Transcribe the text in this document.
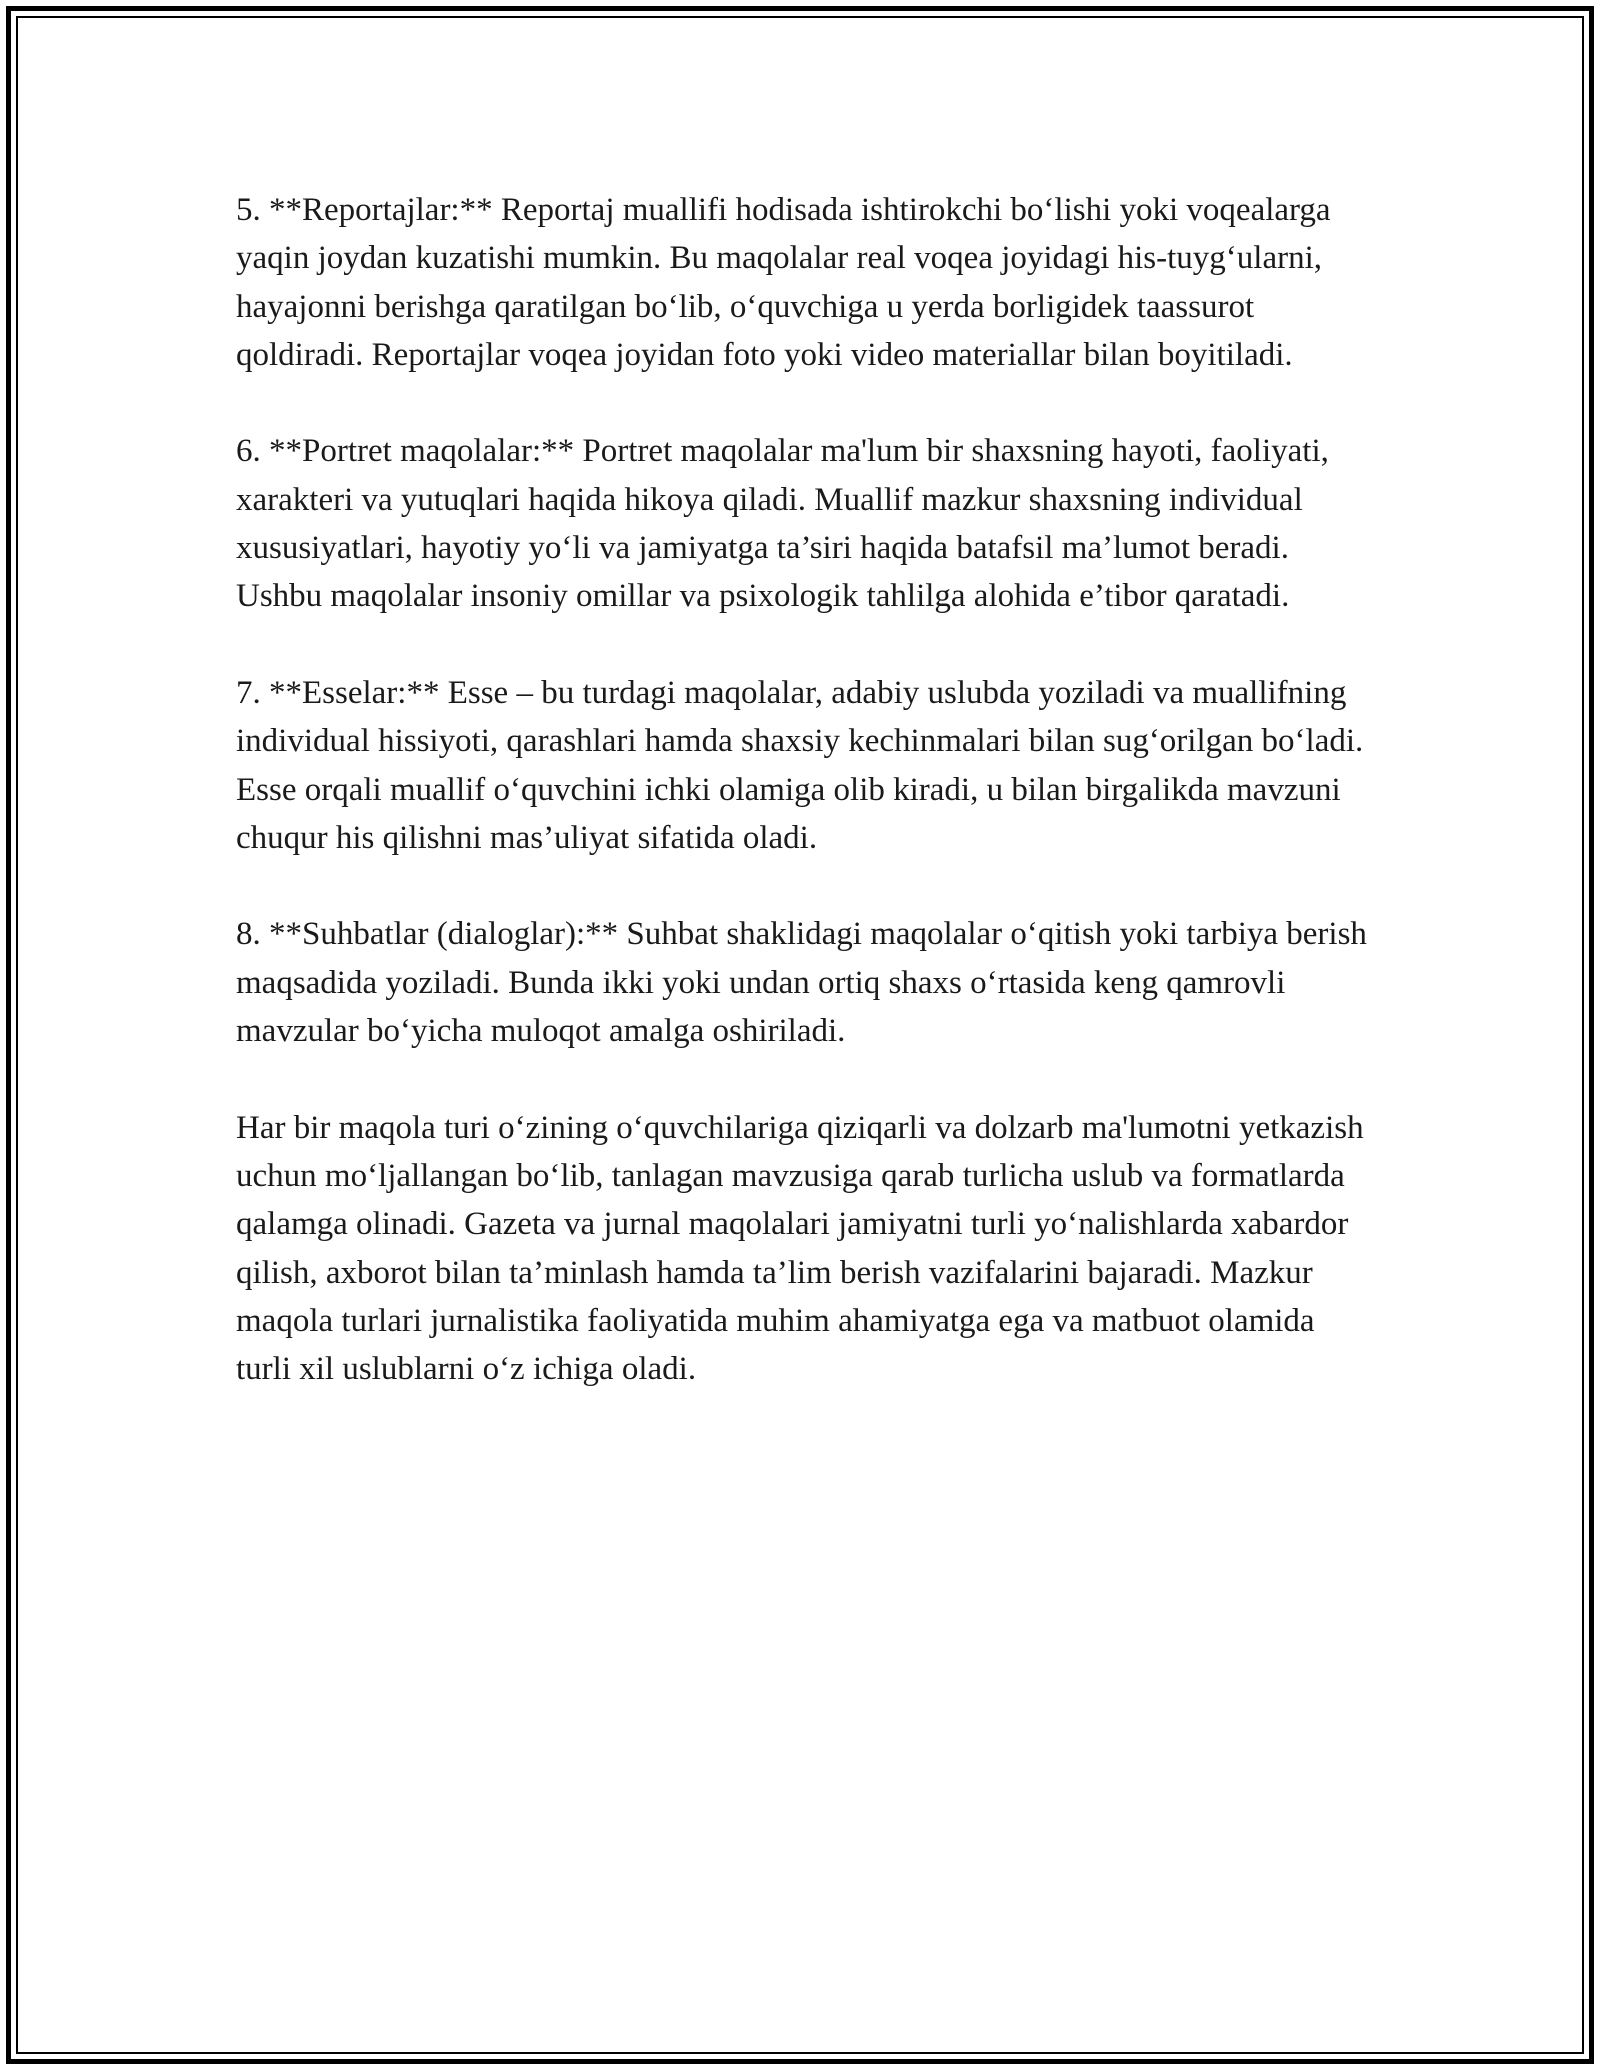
5. **Reportajlar:** Reportaj muallifi hodisada ishtirokchi bo‘lishi yoki voqealarga yaqin joydan kuzatishi mumkin. Bu maqolalar real voqea joyidagi his-tuyg‘ularni, hayajonni berishga qaratilgan bo‘lib, o‘quvchiga u yerda borligidek taassurot qoldiradi. Reportajlar voqea joyidan foto yoki video materiallar bilan boyitiladi.

6. **Portret maqolalar:** Portret maqolalar ma'lum bir shaxsning hayoti, faoliyati, xarakteri va yutuqlari haqida hikoya qiladi. Muallif mazkur shaxsning individual xususiyatlari, hayotiy yo‘li va jamiyatga ta’siri haqida batafsil ma’lumot beradi. Ushbu maqolalar insoniy omillar va psixologik tahlilga alohida e’tibor qaratadi.

7. **Esselar:** Esse – bu turdagi maqolalar, adabiy uslubda yoziladi va muallifning individual hissiyoti, qarashlari hamda shaxsiy kechinmalari bilan sug‘orilgan bo‘ladi. Esse orqali muallif o‘quvchini ichki olamiga olib kiradi, u bilan birgalikda mavzuni chuqur his qilishni mas’uliyat sifatida oladi.

8. **Suhbatlar (dialoglar):** Suhbat shaklidagi maqolalar o‘qitish yoki tarbiya berish maqsadida yoziladi. Bunda ikki yoki undan ortiq shaxs o‘rtasida keng qamrovli mavzular bo‘yicha muloqot amalga oshiriladi.

Har bir maqola turi o‘zining o‘quvchilariga qiziqarli va dolzarb ma'lumotni yetkazish uchun mo‘ljallangan bo‘lib, tanlagan mavzusiga qarab turlicha uslub va formatlarda qalamga olinadi. Gazeta va jurnal maqolalari jamiyatni turli yo‘nalishlarda xabardor qilish, axborot bilan ta’minlash hamda ta’lim berish vazifalarini bajaradi. Mazkur maqola turlari jurnalistika faoliyatida muhim ahamiyatga ega va matbuot olamida turli xil uslublarni o‘z ichiga oladi.
